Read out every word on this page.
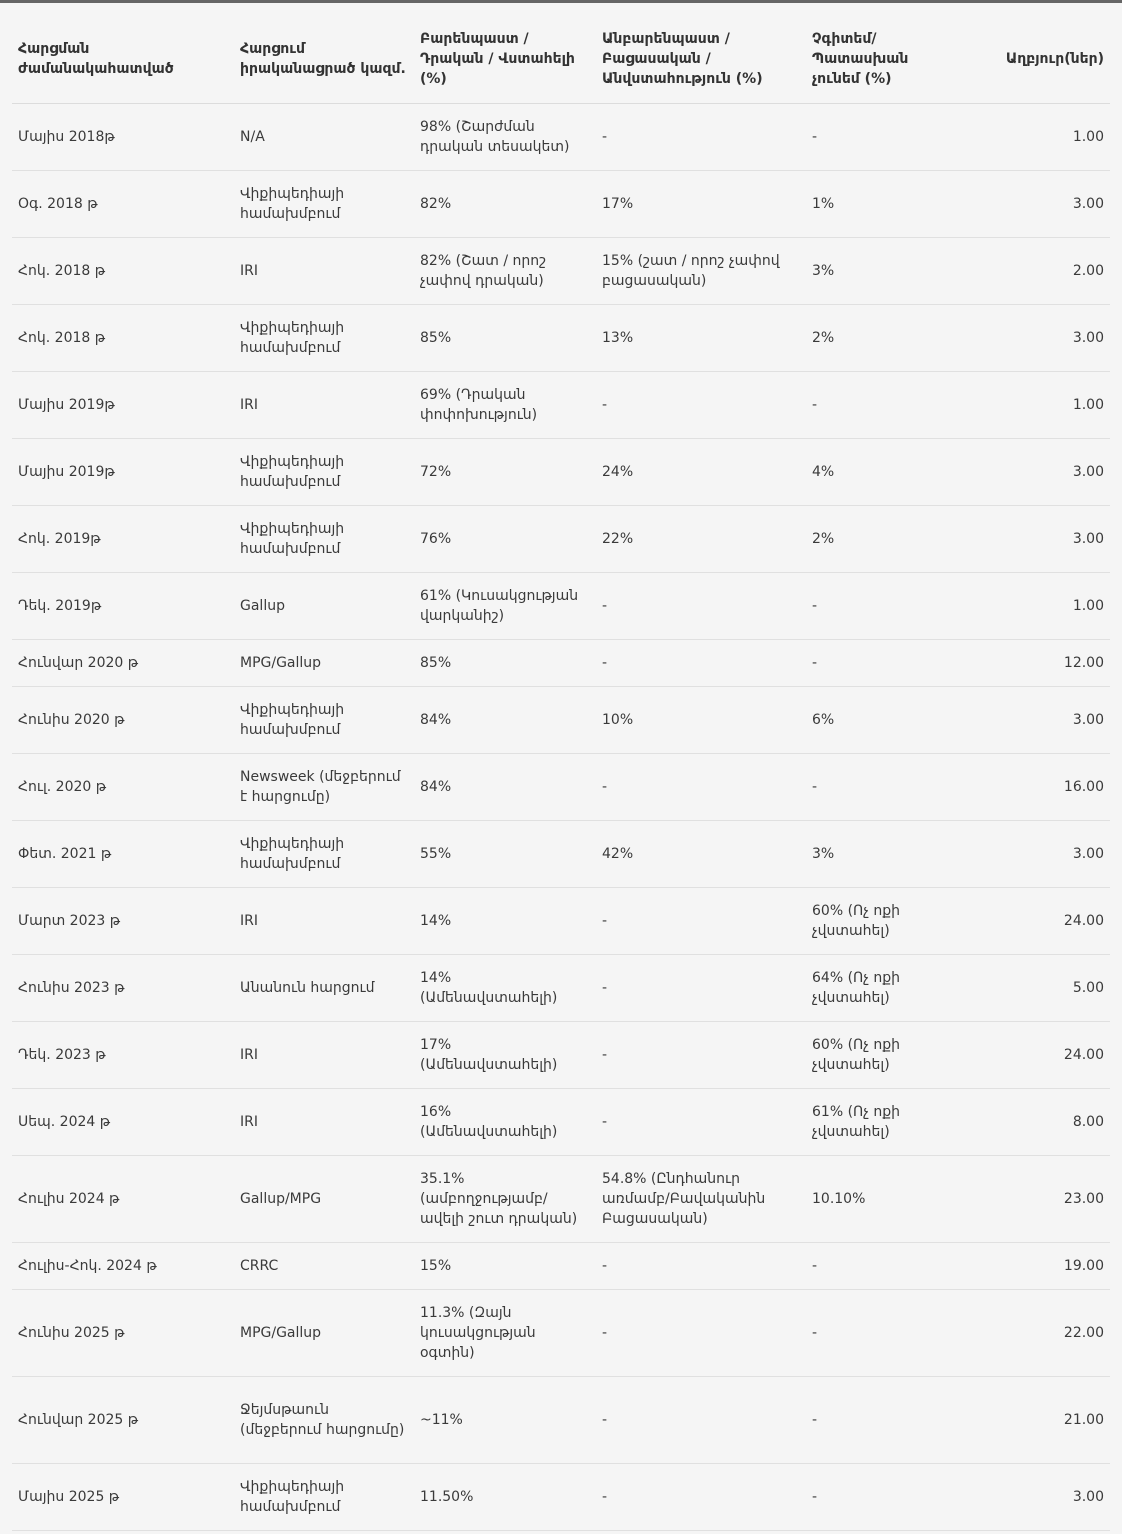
Հարցման ժամանակահատված	Հարցում իրականացրած կազմ.	Բարենպաստ / Դրական / Վստահելի (%)	Անբարենպաստ / Բացասական / Անվստահություն (%)	Չգիտեմ/ Պատասխան չունեմ (%)	Աղբյուր(ներ)
Մայիս 2018թ	N/A	98% (Շարժման դրական տեսակետ)	-	-	1.00
Օգ. 2018 թ	Վիքիպեդիայի համախմբում	82%	17%	1%	3.00
Հոկ. 2018 թ	IRI	82% (Շատ / որոշ չափով դրական)	15% (շատ / որոշ չափով բացասական)	3%	2.00
Հոկ. 2018 թ	Վիքիպեդիայի համախմբում	85%	13%	2%	3.00
Մայիս 2019թ	IRI	69% (Դրական փոփոխություն)	-	-	1.00
Մայիս 2019թ	Վիքիպեդիայի համախմբում	72%	24%	4%	3.00
Հոկ. 2019թ	Վիքիպեդիայի համախմբում	76%	22%	2%	3.00
Դեկ. 2019թ	Gallup	61% (Կուսակցության վարկանիշ)	-	-	1.00
Հունվար 2020 թ	MPG/Gallup	85%	-	-	12.00
Հունիս 2020 թ	Վիքիպեդիայի համախմբում	84%	10%	6%	3.00
Հուլ. 2020 թ	Newsweek (մեջբերում է հարցումը)	84%	-	-	16.00
Փետ. 2021 թ	Վիքիպեդիայի համախմբում	55%	42%	3%	3.00
Մարտ 2023 թ	IRI	14%	-	60% (Ոչ ոքի չվստահել)	24.00
Հունիս 2023 թ	Անանուն հարցում	14% (Ամենավստահելի)	-	64% (Ոչ ոքի չվստահել)	5.00
Դեկ. 2023 թ	IRI	17% (Ամենավստահելի)	-	60% (Ոչ ոքի չվստահել)	24.00
Սեպ. 2024 թ	IRI	16% (Ամենավստահելի)	-	61% (Ոչ ոքի չվստահել)	8.00
Հուլիս 2024 թ	Gallup/MPG	35.1% (ամբողջությամբ/ավելի շուտ դրական)	54.8% (Ընդհանուր առմամբ/Բավականին Բացասական)	10.10%	23.00
Հուլիս-Հոկ. 2024 թ	CRRC	15%	-	-	19.00
Հունիս 2025 թ	MPG/Gallup	11.3% (Զայն կուսակցության օգտին)	-	-	22.00
Հունվար 2025 թ	Ջեյմսթաուն (մեջբերում հարցումը)	~11%	-	-	21.00
Մայիս 2025 թ	Վիքիպեդիայի համախմբում	11.50%	-	-	3.00
